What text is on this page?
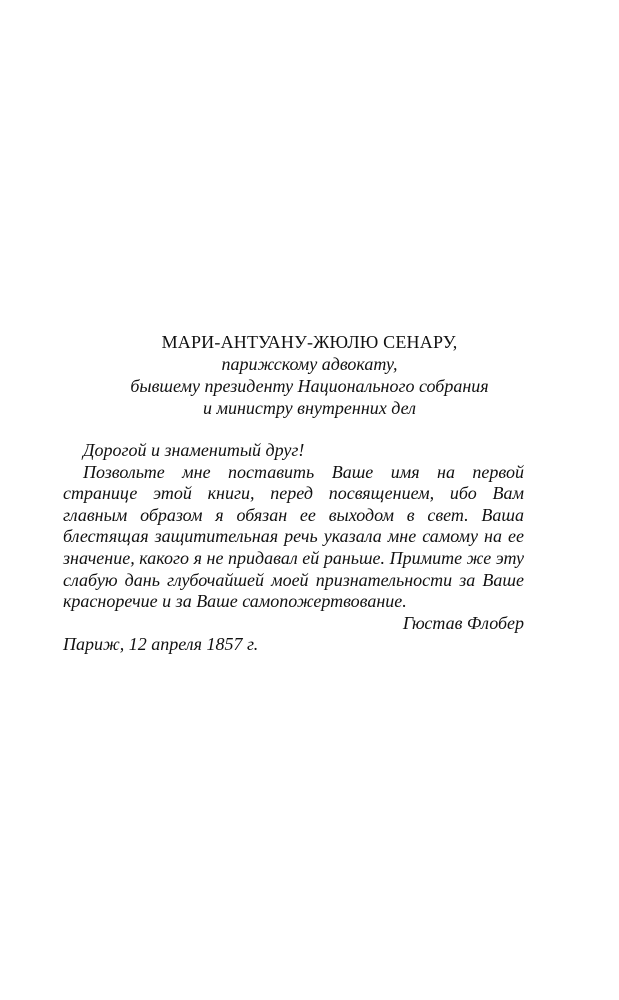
МАРИ-АНТУАНУ-ЖЮЛЮ СЕНАРУ,
парижскому адвокату,
бывшему президенту Национального собрания
и министру внутренних дел

Дорогой и знаменитый друг!

Позвольте мне поставить Ваше имя на первой странице этой книги, перед посвящением, ибо Вам главным образом я обязан ее выходом в свет. Ваша блестящая защитительная речь указала мне самому на ее значение, какого я не придавал ей раньше. Примите же эту слабую дань глубочайшей моей признательности за Ваше красноречие и за Ваше самопожертвование.

Гюстав Флобер

Париж, 12 апреля 1857 г.
